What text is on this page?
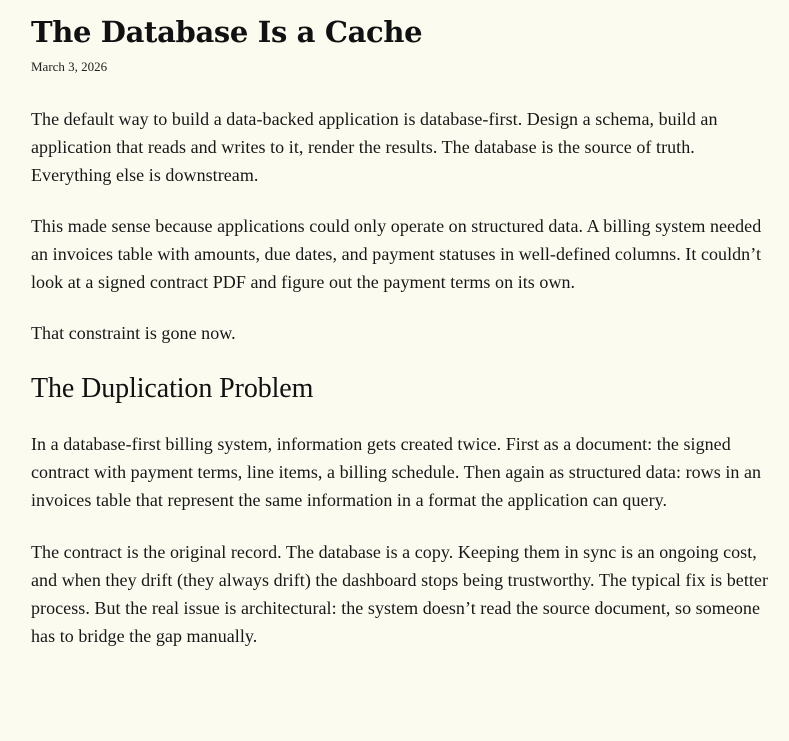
The Database Is a Cache
March 3, 2026

The default way to build a data-backed application is database-first. Design a schema, build an application that reads and writes to it, render the results. The database is the source of truth. Everything else is downstream.

This made sense because applications could only operate on structured data. A billing system needed an invoices table with amounts, due dates, and payment statuses in well-defined columns. It couldn’t look at a signed contract PDF and figure out the payment terms on its own.

That constraint is gone now.

The Duplication Problem

In a database-first billing system, information gets created twice. First as a document: the signed contract with payment terms, line items, a billing schedule. Then again as structured data: rows in an invoices table that represent the same information in a format the application can query.

The contract is the original record. The database is a copy. Keeping them in sync is an ongoing cost, and when they drift (they always drift) the dashboard stops being trustworthy. The typical fix is better process. But the real issue is architectural: the system doesn’t read the source document, so someone has to bridge the gap manually.
